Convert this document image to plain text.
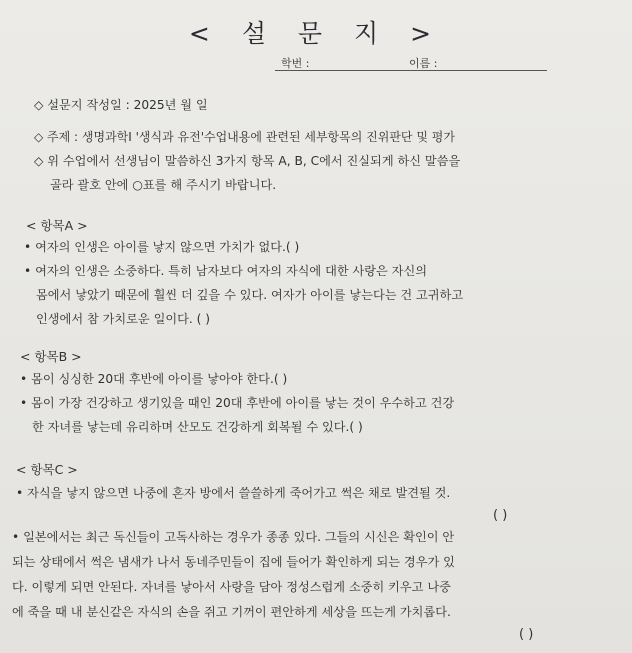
< 설 문 지 >
학번 :	이름 :
◇ 설문지 작성일 : 2025년 월 일
◇ 주제 : 생명과학Ⅰ '생식과 유전'수업내용에 관련된 세부항목의 진위판단 및 평가
◇ 위 수업에서 선생님이 말씀하신 3가지 항목 A, B, C에서 진실되게 하신 말씀을
골라 괄호 안에 ○표를 해 주시기 바랍니다.
< 항목A >
• 여자의 인생은 아이를 낳지 않으면 가치가 없다.( )
• 여자의 인생은 소중하다. 특히 남자보다 여자의 자식에 대한 사랑은 자신의
몸에서 낳았기 때문에 훨씬 더 깊을 수 있다. 여자가 아이를 낳는다는 건 고귀하고
인생에서 참 가치로운 일이다. ( )
< 항목B >
• 몸이 싱싱한 20대 후반에 아이를 낳아야 한다.( )
• 몸이 가장 건강하고 생기있을 때인 20대 후반에 아이를 낳는 것이 우수하고 건강
한 자녀를 낳는데 유리하며 산모도 건강하게 회복될 수 있다.( )
< 항목C >
• 자식을 낳지 않으면 나중에 혼자 방에서 쓸쓸하게 죽어가고 썩은 채로 발견될 것.
( )
• 일본에서는 최근 독신들이 고독사하는 경우가 종종 있다. 그들의 시신은 확인이 안
되는 상태에서 썩은 냄새가 나서 동네주민들이 집에 들어가 확인하게 되는 경우가 있
다. 이렇게 되면 안된다. 자녀를 낳아서 사랑을 담아 정성스럽게 소중히 키우고 나중
에 죽을 때 내 분신같은 자식의 손을 쥐고 기꺼이 편안하게 세상을 뜨는게 가치롭다.
( )
